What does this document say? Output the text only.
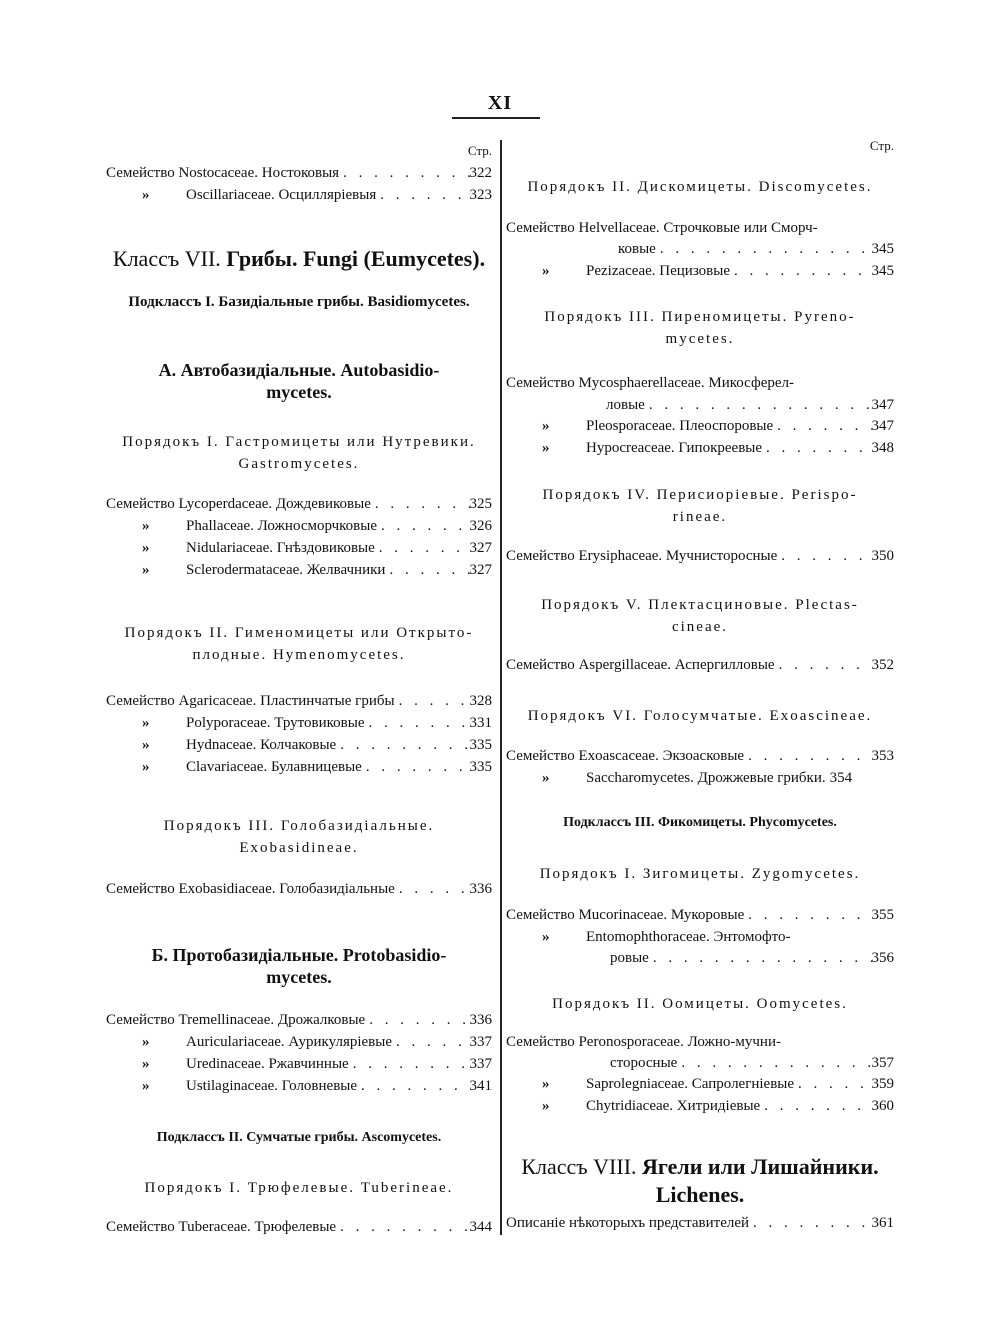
XI
Стр.
Семейство Nostocaceae. Ностоковыя . . .	322
»	Oscillariaceae. Осциллярiевыя . . .	323
Классъ VII. Грибы. Fungi (Eumycetes).
Подклассъ I. Базидiальные грибы. Basidiomycetes.
А. Автобазидiальные. Autobasidio-
mycetes.
Порядокъ I. Гастромицеты или Нутревики.
Gastromycetes.
Семейство Lycoperdaceae. Дождевиковые . . .	325
»	Phallaceae. Ложносморчковые . . .	326
»	Nidulariaceae. Гнѣздовиковые . . .	327
»	Sclerodermataceae. Желвачники . . .	327
Порядокъ II. Гименомицеты или Открыто-
плодные. Hymenomycetes.
Семейство Agaricaceae. Пластинчатые грибы . . .	328
»	Polyporaceae. Трутовиковые . . .	331
»	Hydnaceae. Колчаковые . . .	335
»	Clavariaceae. Булавницевые . . .	335
Порядокъ III. Голобазидiальные.
Exobasidineae.
Семейство Exobasidiaceae. Голобазидiальные . . .	336
Б. Протобазидiальные. Protobasidio-
mycetes.
Семейство Tremellinaceae. Дрожалковые . . .	336
»	Auriculariaceae. Аурикулярiевые . . .	337
»	Uredinaceae. Ржавчинные . . .	337
»	Ustilaginaceae. Головневые . . .	341
Подклассъ II. Сумчатые грибы. Ascomycetes.
Порядокъ I. Трюфелевые. Tuberineae.
Семейство Tuberaceae. Трюфелевые . . .	344
Стр.
Порядокъ II. Дискомицеты. Discomycetes.
Семейство Helvellaceae. Строчковые или Сморч-
ковые . . .	345
»	Pezizaceae. Пецизовые . . .	345
Порядокъ III. Пиреномицеты. Pyreno-
mycetes.
Семейство Mycosphaerellaceae. Микосферел-
ловые . . .	347
»	Pleosporaceae. Плеоспоровые . . .	347
»	Hypocreaceae. Гипокреевые . . .	348
Порядокъ IV. Перисиорiевые. Perispo-
rineae.
Семейство Erysiphaceae. Мучнисторосные . . .	350
Порядокъ V. Плектасциновые. Plectas-
cineae.
Семейство Aspergillaceae. Аспергилловые . . .	352
Порядокъ VI. Голосумчатые. Exoascineae.
Семейство Exoascaceae. Экзоасковые . . .	353
»	Saccharomycetes. Дрожжевые грибки. 354
Подклассъ III. Фикомицеты. Phycomycetes.
Порядокъ I. Зигомицеты. Zygomycetes.
Семейство Mucorinaceae. Мукоровые . . .	355
»	Entomophthoraceae. Энтомофто-
ровые . . .	356
Порядокъ II. Оомицеты. Oomycetes.
Семейство Peronosporaceae. Ложно-мучни-
сторосные . . .	357
»	Saprolegniaceae. Сапролегнiевые . . .	359
»	Chytridiaceae. Хитридiевые . . .	360
Классъ VIII. Ягели или Лишайники.
Lichenes.
Описанiе нѣкоторыхъ представителей . . .	361
